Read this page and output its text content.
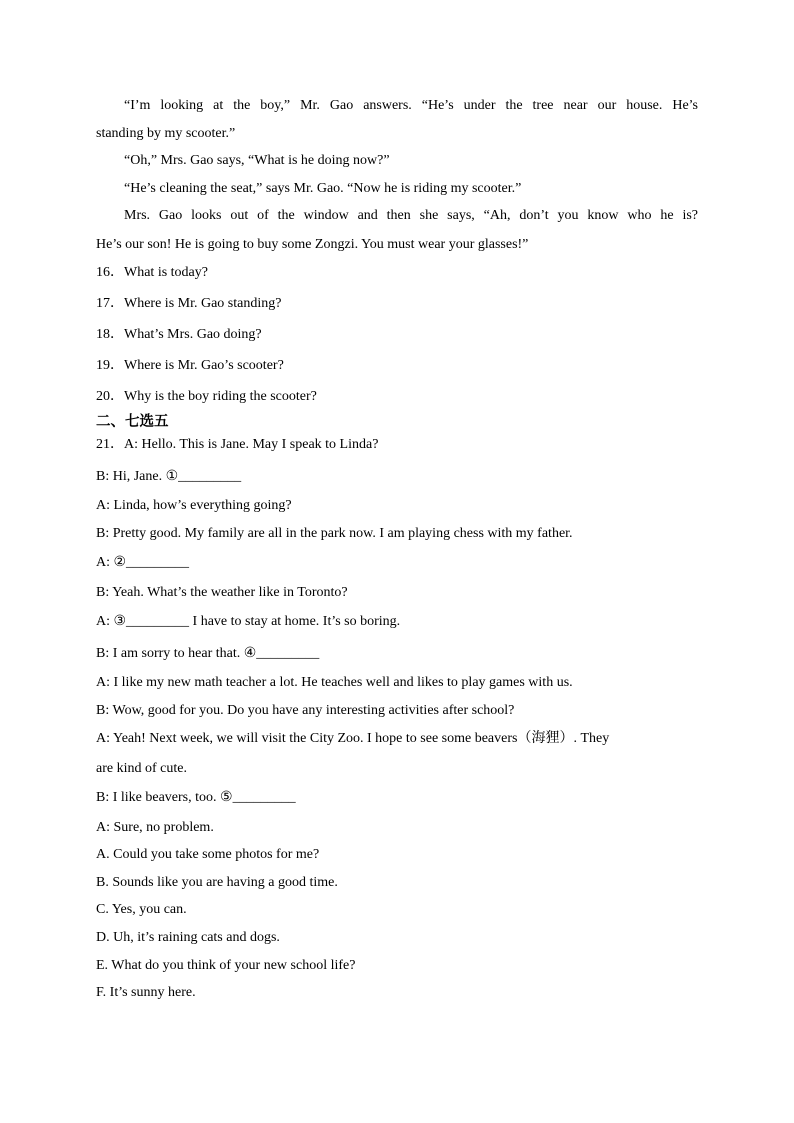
“I’m looking at the boy,” Mr. Gao answers. “He’s under the tree near our house. He’s
standing by my scooter.”
“Oh,” Mrs. Gao says, “What is he doing now?”
“He’s cleaning the seat,” says Mr. Gao. “Now he is riding my scooter.”
Mrs. Gao looks out of the window and then she says, “Ah, don’t you know who he is?
He’s our son! He is going to buy some Zongzi. You must wear your glasses!”
16．What is today?
17．Where is Mr. Gao standing?
18．What’s Mrs. Gao doing?
19．Where is Mr. Gao’s scooter?
20．Why is the boy riding the scooter?
二、七选五
21．A: Hello. This is Jane. May I speak to Linda?
B: Hi, Jane. ①_________
A: Linda, how’s everything going?
B: Pretty good. My family are all in the park now. I am playing chess with my father.
A: ②_________
B: Yeah. What’s the weather like in Toronto?
A: ③_________ I have to stay at home. It’s so boring.
B: I am sorry to hear that. ④_________
A: I like my new math teacher a lot. He teaches well and likes to play games with us.
B: Wow, good for you. Do you have any interesting activities after school?
A: Yeah! Next week, we will visit the City Zoo. I hope to see some beavers（海狸）. They
are kind of cute.
B: I like beavers, too. ⑤_________
A: Sure, no problem.
A. Could you take some photos for me?
B. Sounds like you are having a good time.
C. Yes, you can.
D. Uh, it’s raining cats and dogs.
E. What do you think of your new school life?
F. It’s sunny here.
